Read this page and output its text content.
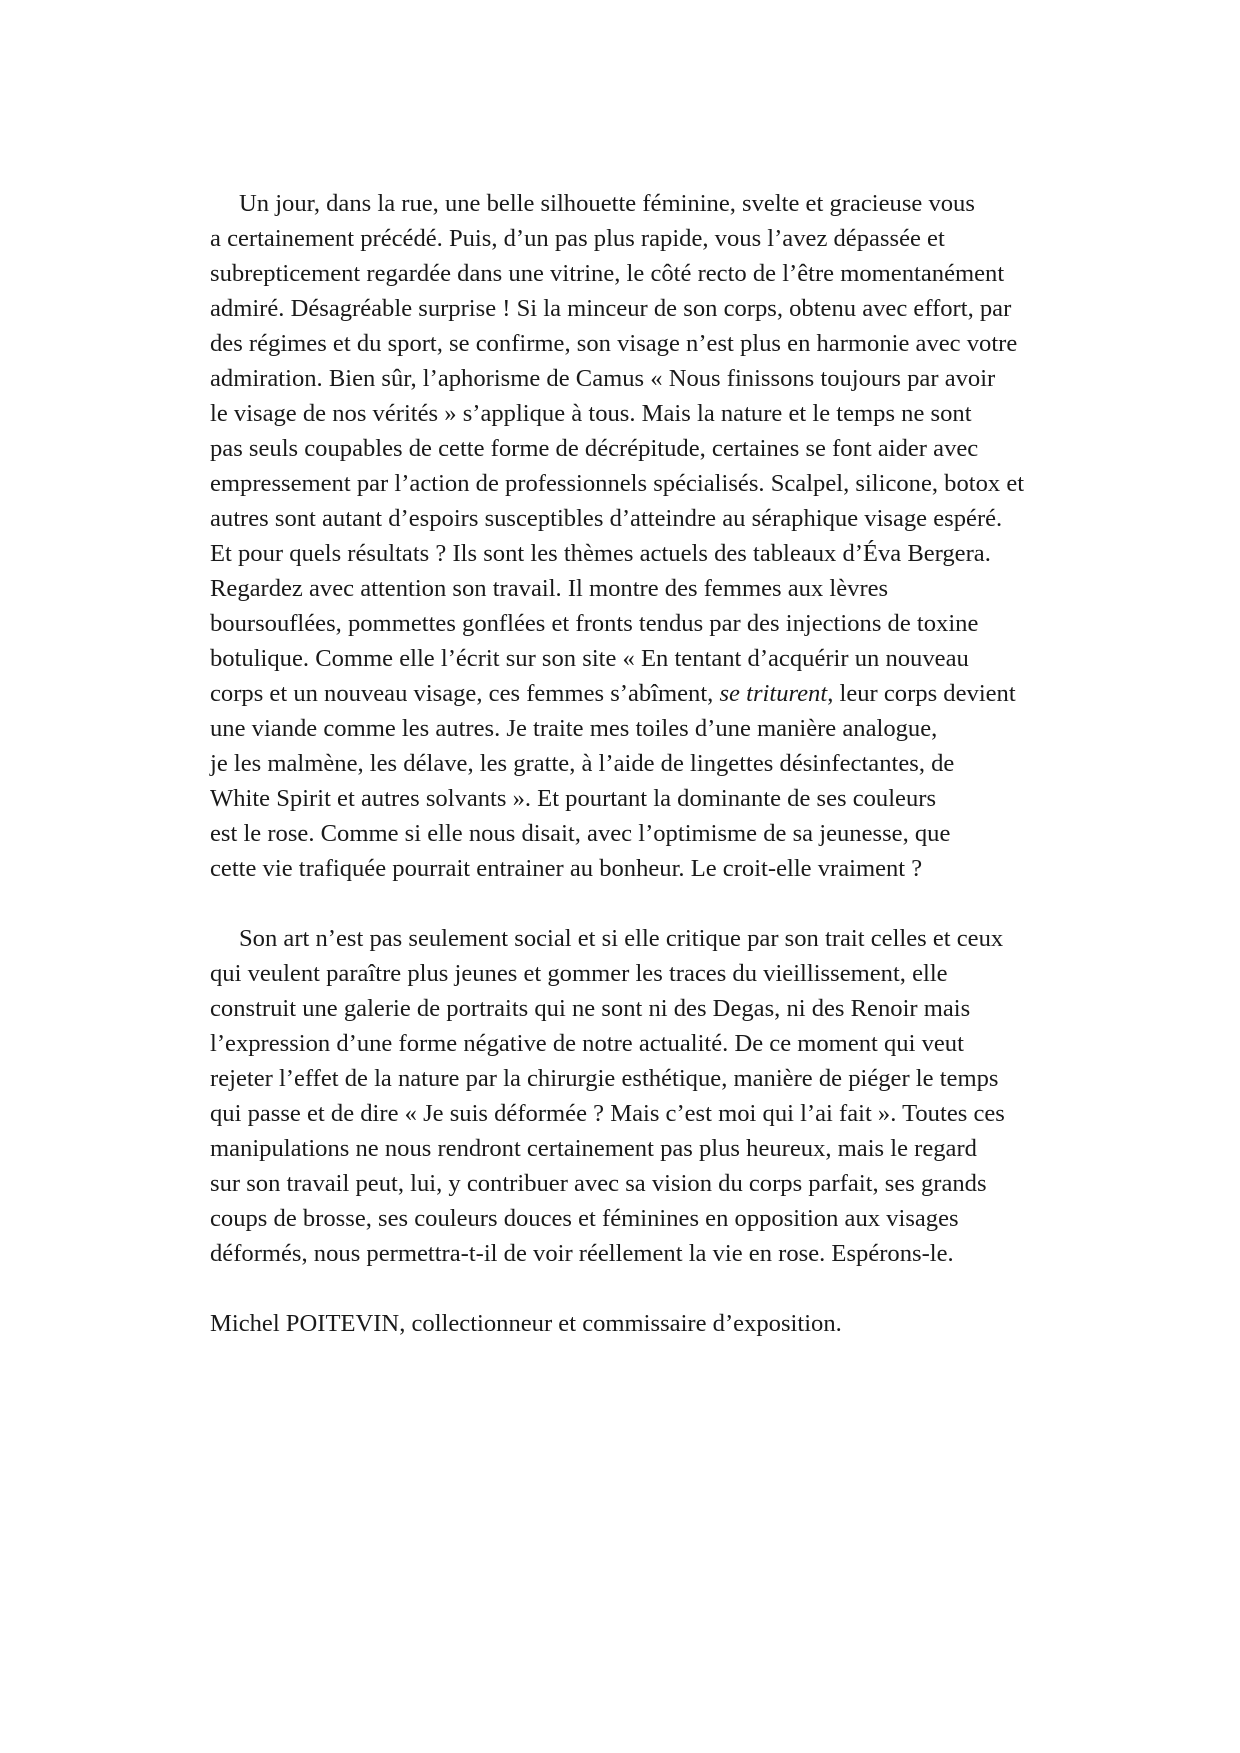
Un jour, dans la rue, une belle silhouette féminine, svelte et gracieuse vous
a certainement précédé. Puis, d’un pas plus rapide, vous l’avez dépassée et
subrepticement regardée dans une vitrine, le côté recto de l’être momentanément
admiré. Désagréable surprise ! Si la minceur de son corps, obtenu avec effort, par
des régimes et du sport, se confirme, son visage n’est plus en harmonie avec votre
admiration. Bien sûr, l’aphorisme de Camus « Nous finissons toujours par avoir
le visage de nos vérités » s’applique à tous. Mais la nature et le temps ne sont
pas seuls coupables de cette forme de décrépitude, certaines se font aider avec
empressement par l’action de professionnels spécialisés. Scalpel, silicone, botox et
autres sont autant d’espoirs susceptibles d’atteindre au séraphique visage espéré.
Et pour quels résultats ? Ils sont les thèmes actuels des tableaux d’Éva Bergera.
Regardez avec attention son travail. Il montre des femmes aux lèvres
boursouflées, pommettes gonflées et fronts tendus par des injections de toxine
botulique. Comme elle l’écrit sur son site « En tentant d’acquérir un nouveau
corps et un nouveau visage, ces femmes s’abîment, se triturent, leur corps devient
une viande comme les autres. Je traite mes toiles d’une manière analogue,
je les malmène, les délave, les gratte, à l’aide de lingettes désinfectantes, de
White Spirit et autres solvants ». Et pourtant la dominante de ses couleurs
est le rose. Comme si elle nous disait, avec l’optimisme de sa jeunesse, que
cette vie trafiquée pourrait entrainer au bonheur. Le croit-elle vraiment ?
Son art n’est pas seulement social et si elle critique par son trait celles et ceux
qui veulent paraître plus jeunes et gommer les traces du vieillissement, elle
construit une galerie de portraits qui ne sont ni des Degas, ni des Renoir mais
l’expression d’une forme négative de notre actualité. De ce moment qui veut
rejeter l’effet de la nature par la chirurgie esthétique, manière de piéger le temps
qui passe et de dire « Je suis déformée ? Mais c’est moi qui l’ai fait ». Toutes ces
manipulations ne nous rendront certainement pas plus heureux, mais le regard
sur son travail peut, lui, y contribuer avec sa vision du corps parfait, ses grands
coups de brosse, ses couleurs douces et féminines en opposition aux visages
déformés, nous permettra-t-il de voir réellement la vie en rose. Espérons-le.
Michel POITEVIN, collectionneur et commissaire d’exposition.
